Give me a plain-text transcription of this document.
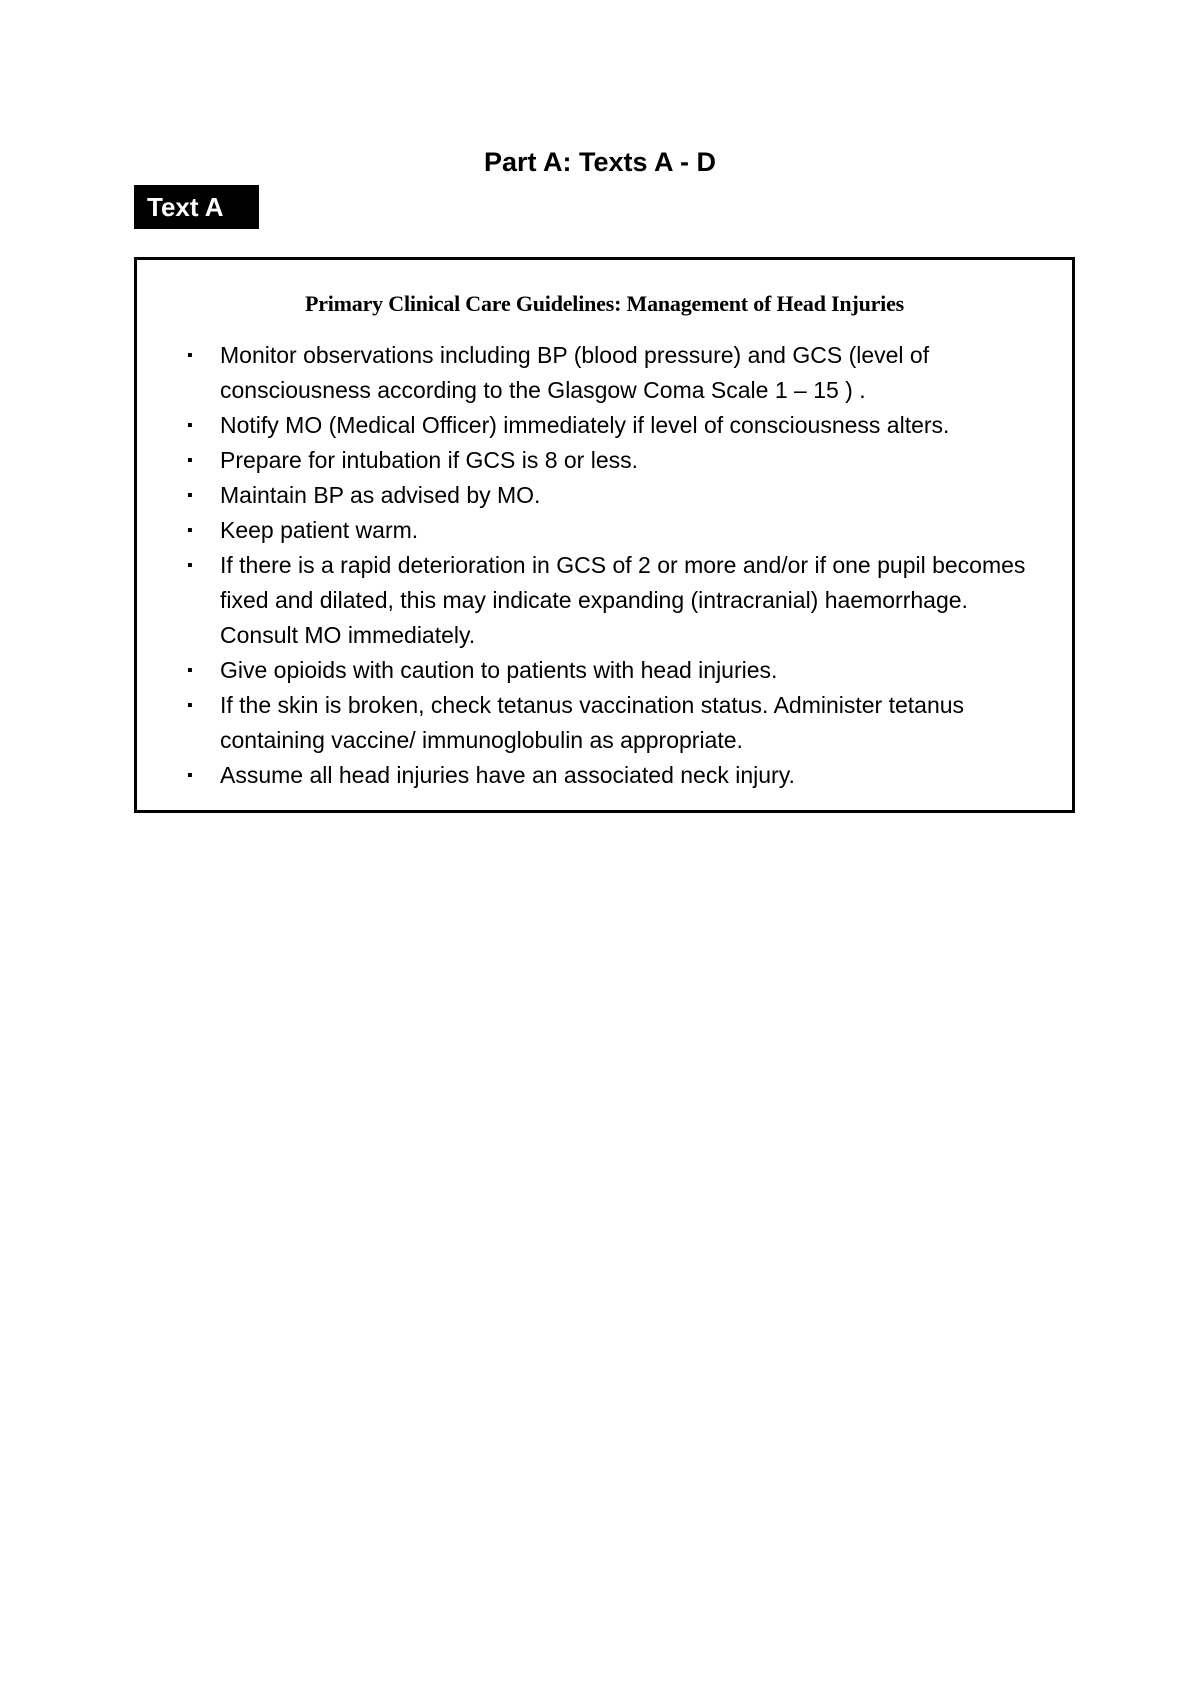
Part A: Texts A - D
Text A
Primary Clinical Care Guidelines: Management of Head Injuries
▪ Monitor observations including BP (blood pressure) and GCS (level of consciousness according to the Glasgow Coma Scale 1 – 15 ) .
▪ Notify MO (Medical Officer) immediately if level of consciousness alters.
▪ Prepare for intubation if GCS is 8 or less.
▪ Maintain BP as advised by MO.
▪ Keep patient warm.
▪ If there is a rapid deterioration in GCS of 2 or more and/or if one pupil becomes fixed and dilated, this may indicate expanding (intracranial) haemorrhage. Consult MO immediately.
▪ Give opioids with caution to patients with head injuries.
▪ If the skin is broken, check tetanus vaccination status. Administer tetanus containing vaccine/ immunoglobulin as appropriate.
▪ Assume all head injuries have an associated neck injury.
